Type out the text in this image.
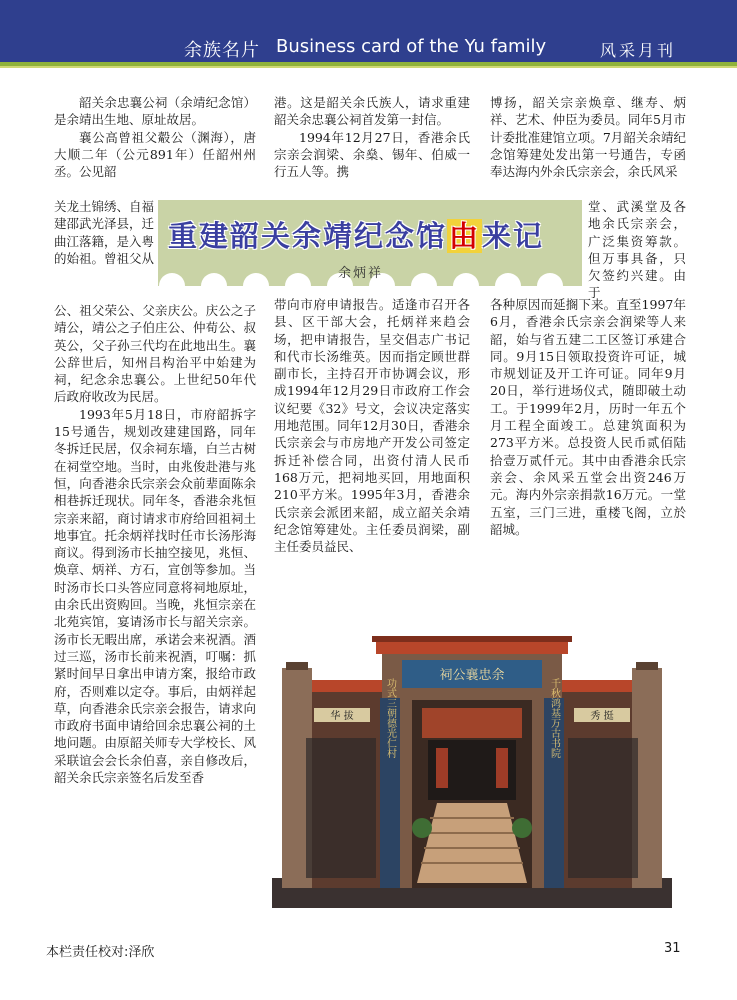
余族名片 Business card of the Yu family	风采月刊
重建韶关余靖纪念馆由来记
余炳祥

韶关余忠襄公祠（余靖纪念馆）是余靖出生地、原址故居。

襄公高曾祖父觳公（渊海），唐大顺二年（公元891年）任韶州州丞。公见韶

关龙土锦绣、自福建邵武光泽县，迁曲江落籍，是入粤的始祖。曾祖父从

公、祖父荣公、父亲庆公。庆公之子靖公，靖公之子伯庄公、仲荀公、叔英公，父子孙三代均在此地出生。襄公辞世后，知州吕构治平中始建为祠，纪念余忠襄公。上世纪50年代后政府收改为民居。

1993年5月18日，市府韶拆字15号通告，规划改建建国路，同年冬拆迁民居，仅余祠东墙，白兰古树在祠堂空地。当时，由兆俊赴港与兆恒，向香港余氏宗亲会众前辈面陈余相巷拆迁现状。同年冬，香港余兆恒宗亲来韶，商讨请求市府给回祖祠土地事宜。托余炳祥找时任市长汤彤海商议。得到汤市长抽空接见，兆恒、焕章、炳祥、方石，宣创等参加。当时汤市长口头答应同意将祠地原址，由余氏出资购回。当晚，兆恒宗亲在北苑宾馆，宴请汤市长与韶关宗亲。汤市长无暇出席，承诺会来祝酒。酒过三巡，汤市长前来祝酒，叮嘱：抓紧时间早日拿出申请方案，报给市政府，否则难以定夺。事后，由炳祥起草，向香港余氏宗亲会报告，请求向市政府书面申请给回余忠襄公祠的土地问题。由原韶关师专大学校长、风采联谊会会长余伯喜，亲自修改后，韶关余氏宗亲签名后发至香

港。这是韶关余氏族人，请求重建韶关余忠襄公祠首发第一封信。

1994年12月27日，香港余氏宗亲会润梁、余燊、锡年、伯威一行五人等。携

带向市府申请报告。适逢市召开各县、区干部大会，托炳祥来趋会场，把申请报告，呈交倡志广书记和代市长汤维英。因而指定顾世群副市长，主持召开市协调会议，形成1994年12月29日市政府工作会议纪要《32》号文，会议决定落实用地范围。同年12月30日，香港余氏宗亲会与市房地产开发公司签定拆迁补偿合同，出资付清人民币168万元，把祠地买回，用地面积210平方米。1995年3月，香港余氏宗亲会派团来韶，成立韶关余靖纪念馆筹建处。主任委员润梁，副主任委员益民、

博扬，韶关宗亲焕章、继寿、炳祥、艺术、仲臣为委员。同年5月市计委批准建馆立项。7月韶关余靖纪念馆筹建处发出第一号通告，专函奉达海内外余氏宗亲会，余氏风采

堂、武溪堂及各地余氏宗亲会，广泛集资筹款。但万事具备，只欠签约兴建。由于

各种原因而延搁下来。直至1997年6月，香港余氏宗亲会润梁等人来韶，始与省五建二工区签订承建合同。9月15日领取投资许可证，城市规划证及开工许可证。同年9月20日，举行进场仪式，随即破土动工。于1999年2月，历时一年五个月工程全面竣工。总建筑面积为273平方米。总投资人民币贰佰陆拾壹万贰仟元。其中由香港余氏宗亲会、余风采五堂会出资246万元。海内外宗亲捐款16万元。一堂五室，三门三进，重楼飞阁，立於韶城。

华 拔	秀 挺
祠公襄忠余
功式三朝德光仁村	千秋鸿基万古书院
本栏责任校对:泽欣	31
